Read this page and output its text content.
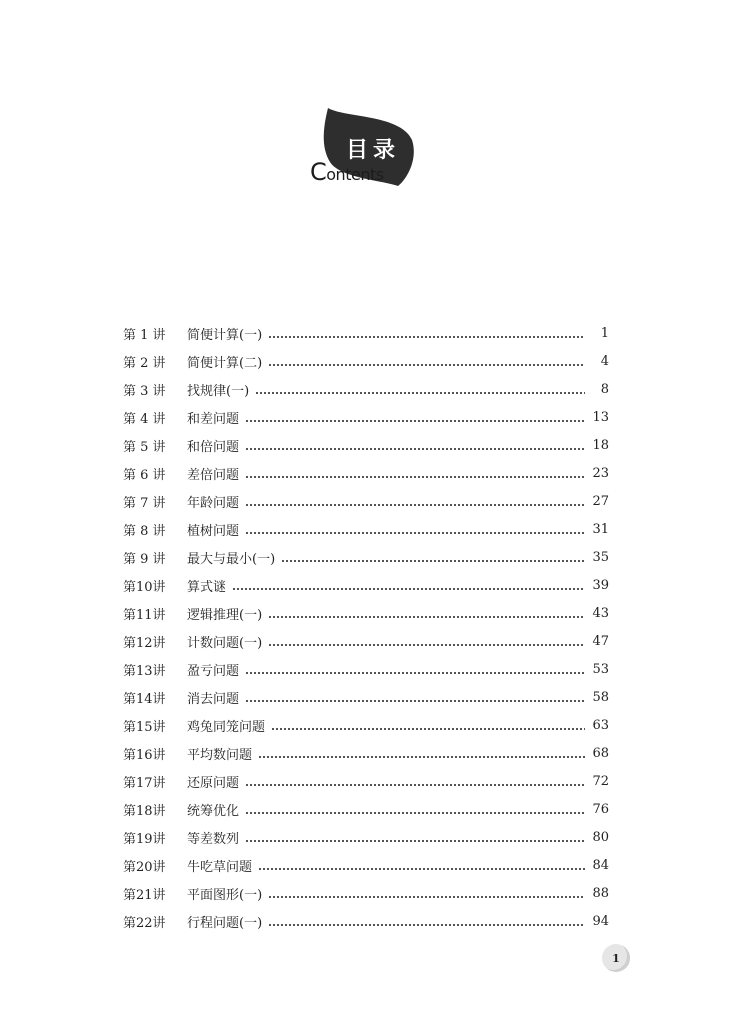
目录
Contents
第 1 讲	简便计算(一)	1
第 2 讲	简便计算(二)	4
第 3 讲	找规律(一)	8
第 4 讲	和差问题	13
第 5 讲	和倍问题	18
第 6 讲	差倍问题	23
第 7 讲	年龄问题	27
第 8 讲	植树问题	31
第 9 讲	最大与最小(一)	35
第10讲	算式谜	39
第11讲	逻辑推理(一)	43
第12讲	计数问题(一)	47
第13讲	盈亏问题	53
第14讲	消去问题	58
第15讲	鸡兔同笼问题	63
第16讲	平均数问题	68
第17讲	还原问题	72
第18讲	统筹优化	76
第19讲	等差数列	80
第20讲	牛吃草问题	84
第21讲	平面图形(一)	88
第22讲	行程问题(一)	94
1
